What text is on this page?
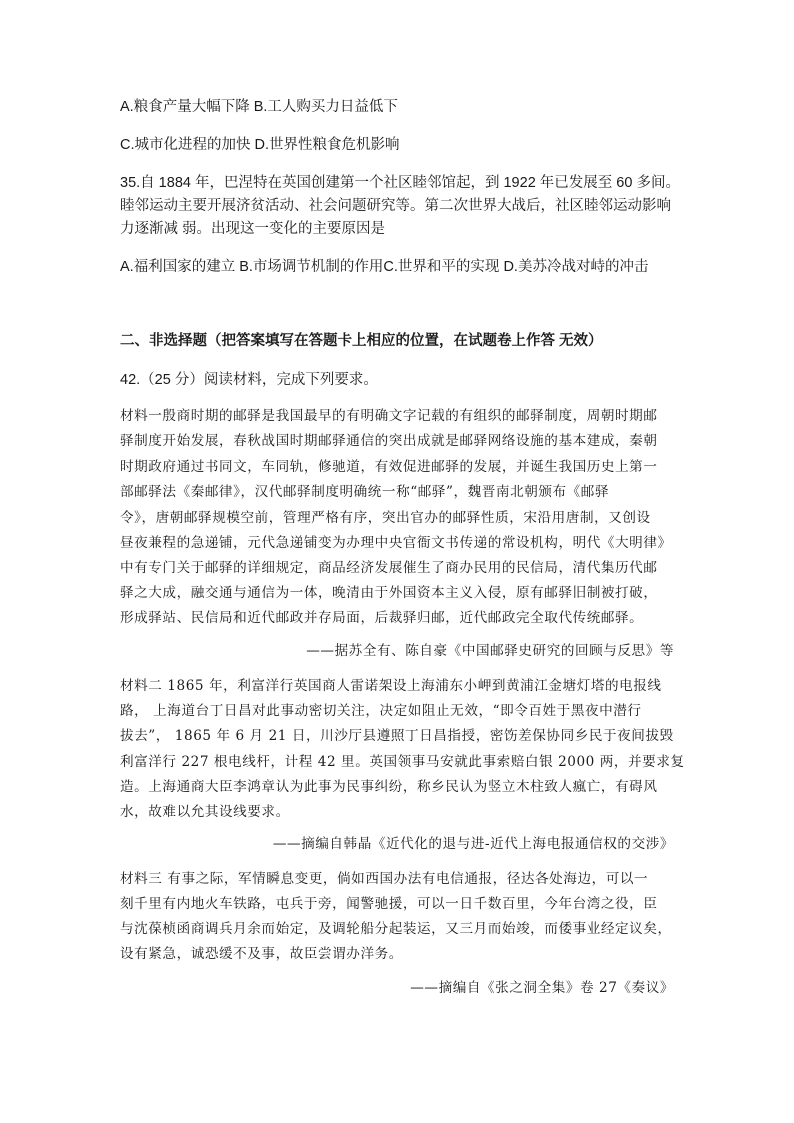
A.粮食产量大幅下降 B.工人购买力日益低下
C.城市化进程的加快 D.世界性粮食危机影响
35.自 1884 年，巴涅特在英国创建第一个社区睦邻馆起，到 1922 年已发展至 60 多间。
睦邻运动主要开展济贫活动、社会问题研究等。第二次世界大战后，社区睦邻运动影响
力逐渐减 弱。出现这一变化的主要原因是
A.福利国家的建立 B.市场调节机制的作用C.世界和平的实现 D.美苏冷战对峙的冲击
二、非选择题（把答案填写在答题卡上相应的位置，在试题卷上作答 无效）
42.（25 分）阅读材料，完成下列要求。
材料一殷商时期的邮驿是我国最早的有明确文字记载的有组织的邮驿制度，周朝时期邮
驿制度开始发展，春秋战国时期邮驿通信的突出成就是邮驿网络设施的基本建成，秦朝
时期政府通过书同文，车同轨，修驰道，有效促进邮驿的发展，并诞生我国历史上第一
部邮驿法《秦邮律》，汉代邮驿制度明确统一称“邮驿”，魏晋南北朝颁布《邮驿
令》，唐朝邮驿规模空前，管理严格有序，突出官办的邮驿性质，宋沿用唐制，又创设
昼夜兼程的急递铺，元代急递铺变为办理中央官衙文书传递的常设机构，明代《大明律》
中有专门关于邮驿的详细规定，商品经济发展催生了商办民用的民信局，清代集历代邮
驿之大成，融交通与通信为一体，晚清由于外国资本主义入侵，原有邮驿旧制被打破，
形成驿站、民信局和近代邮政并存局面，后裁驿归邮，近代邮政完全取代传统邮驿。
——据苏全有、陈自豪《中国邮驿史研究的回顾与反思》等
材料二 1865 年，利富洋行英国商人雷诺架设上海浦东小岬到黄浦江金塘灯塔的电报线
路， 上海道台丁日昌对此事动密切关注，决定如阻止无效，“即令百姓于黑夜中潜行
拔去”， 1865 年 6 月 21 日，川沙厅县遵照丁日昌指授，密饬差保协同乡民于夜间拔毁
利富洋行 227 根电线杆，计程 42 里。英国领事马安就此事索赔白银 2000 两，并要求复
造。上海通商大臣李鸿章认为此事为民事纠纷，称乡民认为竖立木柱致人瘋亡，有碍风
水，故难以允其设线要求。
——摘编自韩晶《近代化的退与进-近代上海电报通信权的交涉》
材料三 有事之际，军情瞬息变更，倘如西国办法有电信通报，径达各处海边，可以一
刻千里有内地火车铁路，屯兵于旁，闻警驰援，可以一日千数百里，今年台湾之役，臣
与沈葆桢函商调兵月余而始定，及调轮船分起装运，又三月而始竣，而倭事业经定议矣，
设有紧急，诚恐缓不及事，故臣尝谓办洋务。
——摘编自《张之洞全集》卷 27《奏议》
